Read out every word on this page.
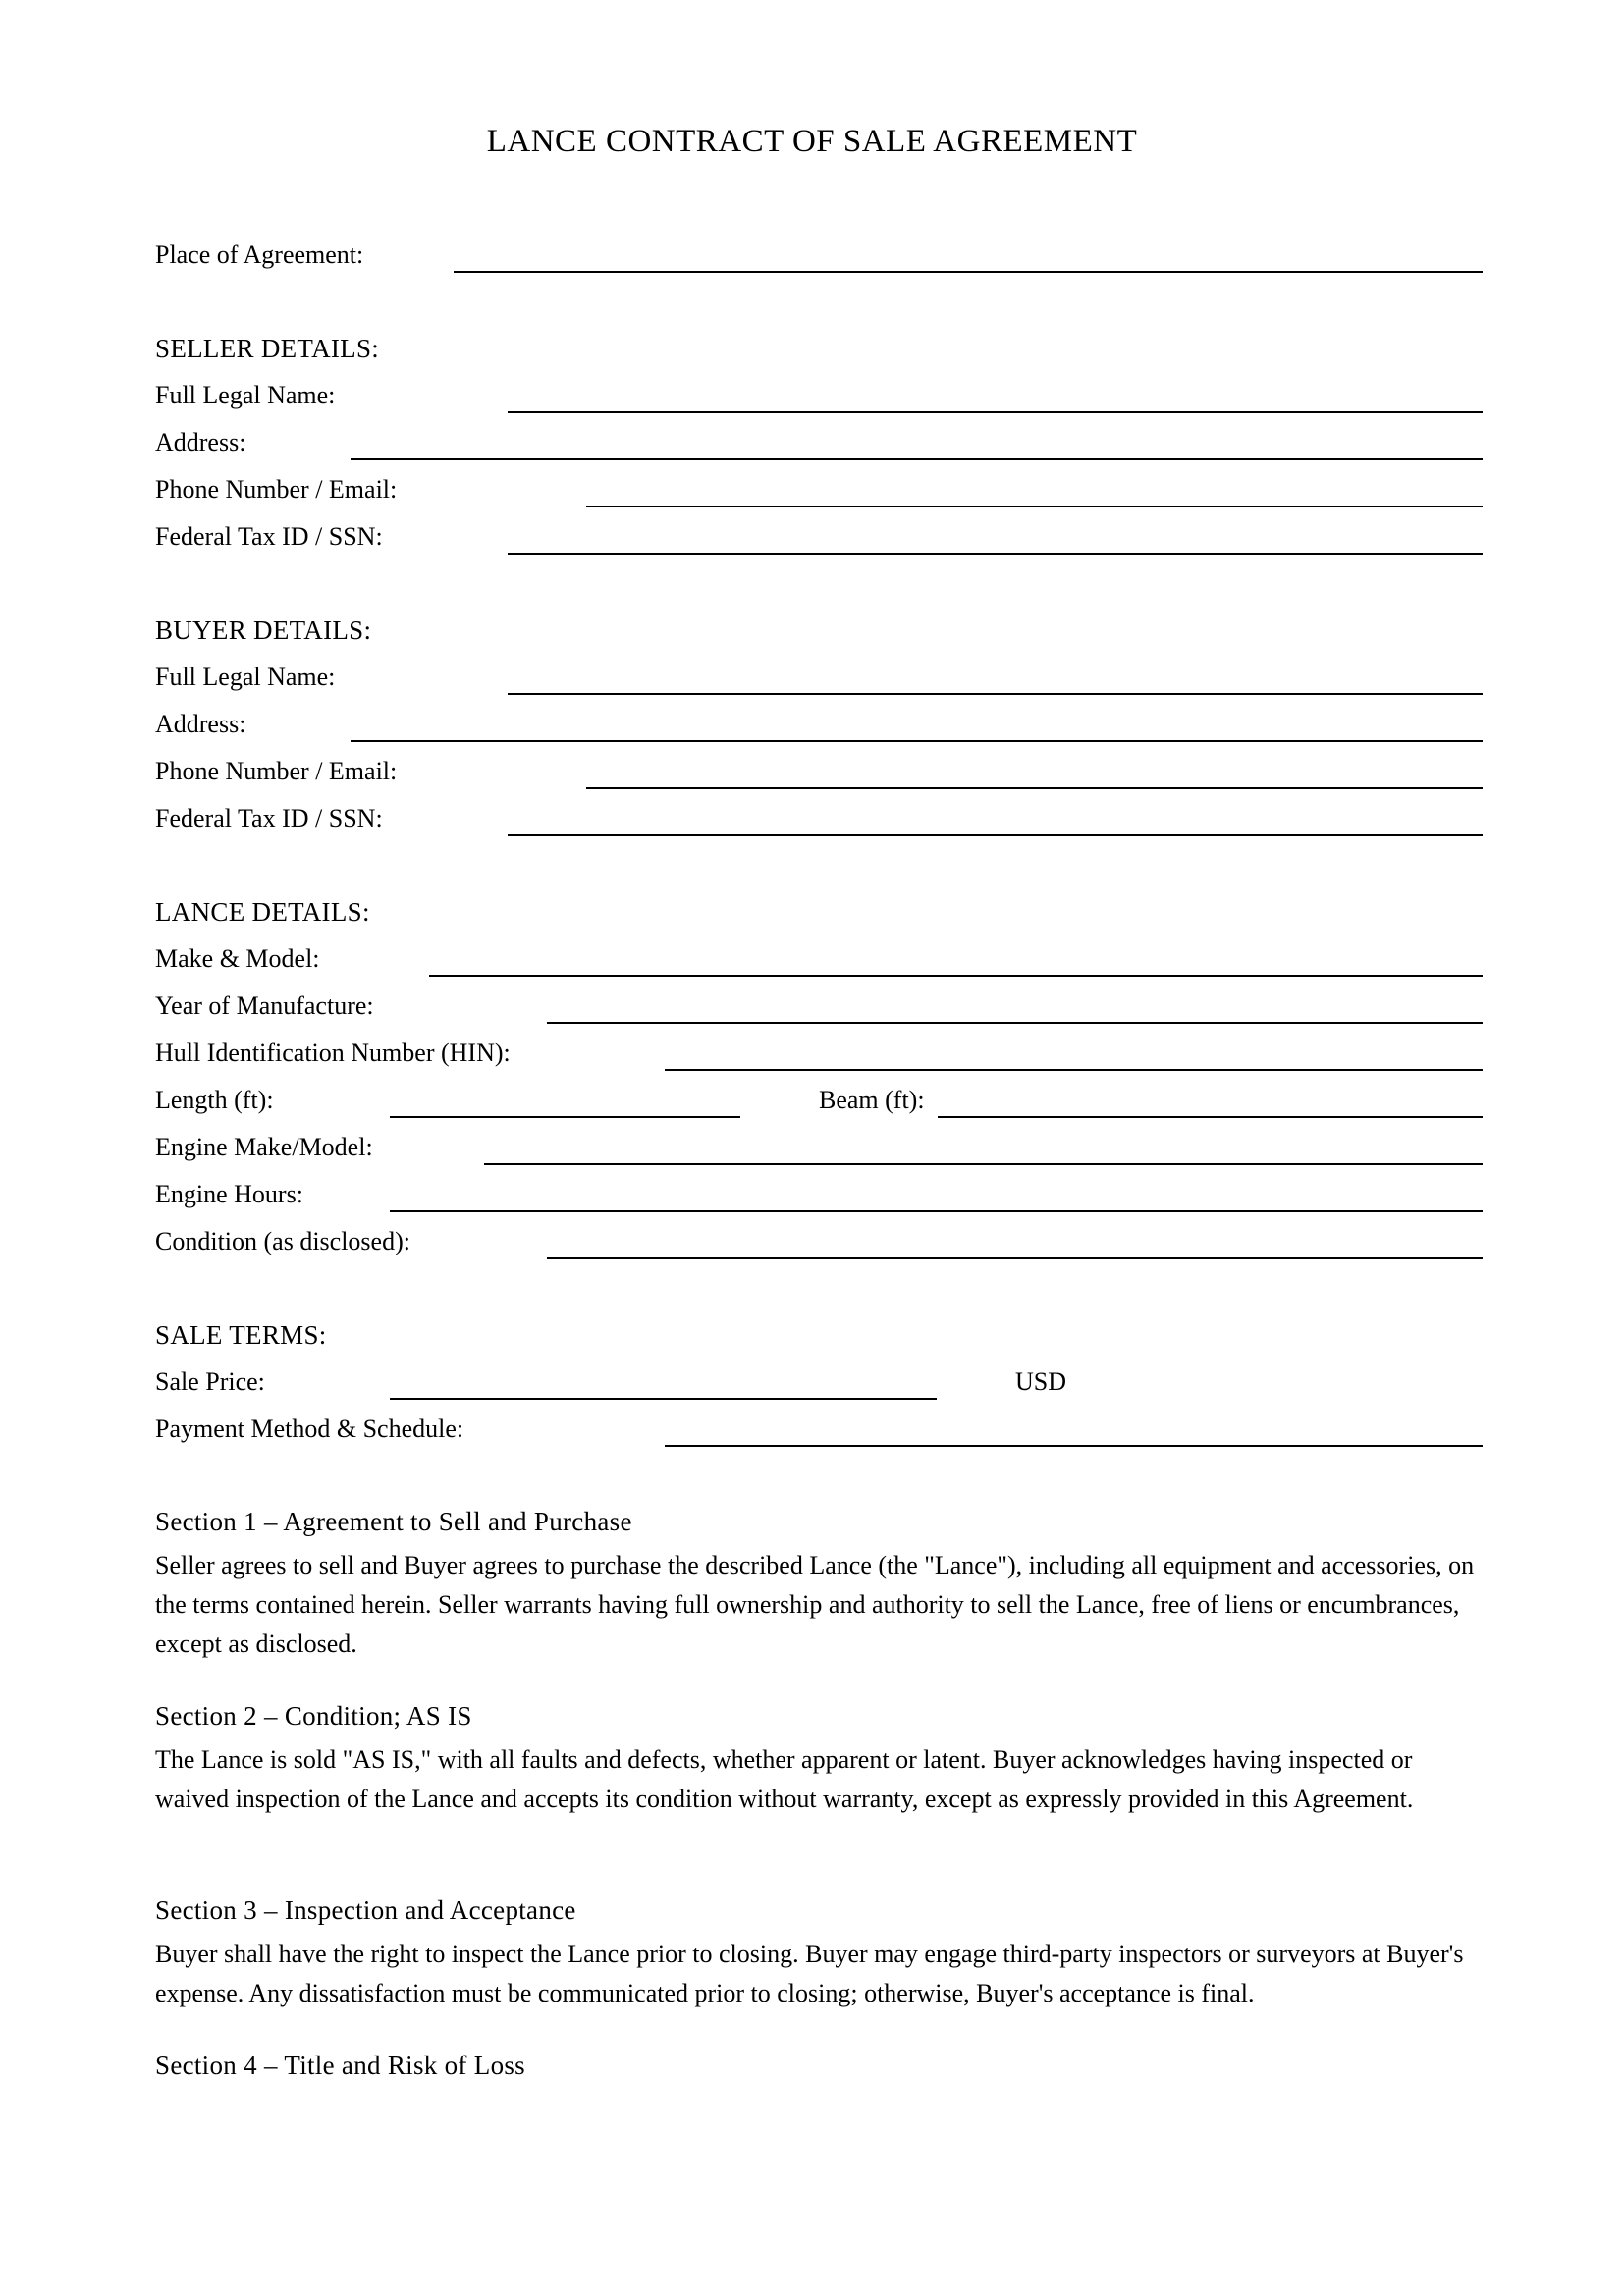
LANCE CONTRACT OF SALE AGREEMENT
Place of Agreement:
SELLER DETAILS:
Full Legal Name:
Address:
Phone Number / Email:
Federal Tax ID / SSN:
BUYER DETAILS:
Full Legal Name:
Address:
Phone Number / Email:
Federal Tax ID / SSN:
LANCE DETAILS:
Make & Model:
Year of Manufacture:
Hull Identification Number (HIN):
Length (ft):	Beam (ft):
Engine Make/Model:
Engine Hours:
Condition (as disclosed):
SALE TERMS:
Sale Price:	USD
Payment Method & Schedule:
Section 1 – Agreement to Sell and Purchase
Seller agrees to sell and Buyer agrees to purchase the described Lance (the "Lance"), including all equipment and accessories, on the terms contained herein. Seller warrants having full ownership and authority to sell the Lance, free of liens or encumbrances, except as disclosed.
Section 2 – Condition; AS IS
The Lance is sold "AS IS," with all faults and defects, whether apparent or latent. Buyer acknowledges having inspected or waived inspection of the Lance and accepts its condition without warranty, except as expressly provided in this Agreement.
Section 3 – Inspection and Acceptance
Buyer shall have the right to inspect the Lance prior to closing. Buyer may engage third-party inspectors or surveyors at Buyer's expense. Any dissatisfaction must be communicated prior to closing; otherwise, Buyer's acceptance is final.
Section 4 – Title and Risk of Loss
